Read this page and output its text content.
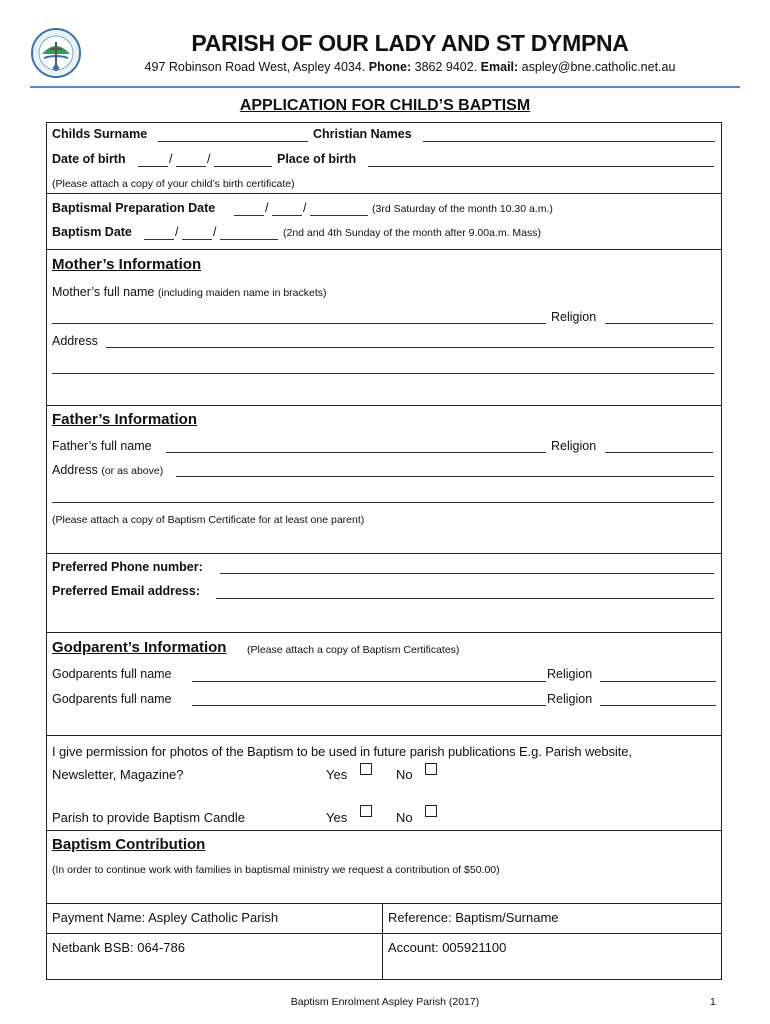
PARISH OF OUR LADY AND ST DYMPNA
497 Robinson Road West, Aspley 4034. Phone: 3862 9402. Email: aspley@bne.catholic.net.au
APPLICATION FOR CHILD’S BAPTISM
Childs Surname	Christian Names
Date of birth	/	/	Place of birth
(Please attach a copy of your child’s birth certificate)
Baptismal Preparation Date	/	/	(3rd Saturday of the month 10.30 a.m.)
Baptism Date	/	/	(2nd and 4th Sunday of the month after 9.00a.m. Mass)
Mother’s Information
Mother’s full name (including maiden name in brackets)
Religion
Address
Father’s Information
Father’s full name	Religion
Address (or as above)
(Please attach a copy of Baptism Certificate for at least one parent)
Preferred Phone number:
Preferred Email address:
Godparent’s Information (Please attach a copy of Baptism Certificates)
Godparents full name	Religion
Godparents full name	Religion
I give permission for photos of the Baptism to be used in future parish publications E.g. Parish website,
Newsletter, Magazine?	Yes	No
Parish to provide Baptism Candle	Yes	No
Baptism Contribution
(In order to continue work with families in baptismal ministry we request a contribution of $50.00)
Payment Name: Aspley Catholic Parish	Reference: Baptism/Surname
Netbank BSB: 064-786	Account: 005921100
Baptism Enrolment Aspley Parish (2017)	1
